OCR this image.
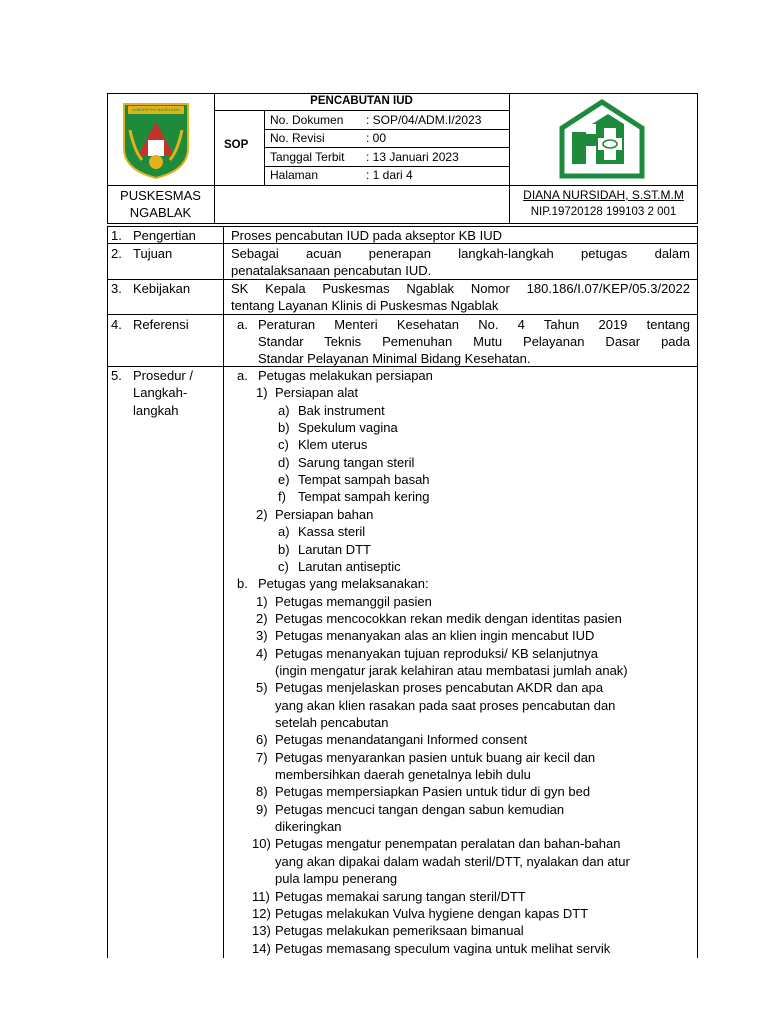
KABUPATEN MAGELANG
PENCABUTAN IUD
SOP
No. Dokumen : SOP/04/ADM.I/2023
No. Revisi	: 00
Tanggal Terbit : 13 Januari 2023
Halaman	: 1 dari 4
PUSKESMAS
NGABLAK
DIANA NURSIDAH, S.ST.M.M
NIP.19720128 199103 2 001
1. Pengertian	Proses pencabutan IUD pada akseptor KB IUD
2. Tujuan	Sebagai acuan penerapan langkah-langkah petugas dalam
penatalaksanaan pencabutan IUD.
3. Kebijakan	SK Kepala Puskesmas Ngablak Nomor 180.186/I.07/KEP/05.3/2022
tentang Layanan Klinis di Puskesmas Ngablak
4. Referensi	a. Peraturan Menteri Kesehatan No. 4 Tahun 2019 tentang
Standar Teknis Pemenuhan Mutu Pelayanan Dasar pada
Standar Pelayanan Minimal Bidang Kesehatan.
5. Prosedur /
Langkah-
langkah
a. Petugas melakukan persiapan
1) Persiapan alat
a) Bak instrument
b) Spekulum vagina
c) Klem uterus
d) Sarung tangan steril
e) Tempat sampah basah
f) Tempat sampah kering
2) Persiapan bahan
a) Kassa steril
b) Larutan DTT
c) Larutan antiseptic
b. Petugas yang melaksanakan:
1) Petugas memanggil pasien
2) Petugas mencocokkan rekan medik dengan identitas pasien
3) Petugas menanyakan alas an klien ingin mencabut IUD
4) Petugas menanyakan tujuan reproduksi/ KB selanjutnya
(ingin mengatur jarak kelahiran atau membatasi jumlah anak)
5) Petugas menjelaskan proses pencabutan AKDR dan apa
yang akan klien rasakan pada saat proses pencabutan dan
setelah pencabutan
6) Petugas menandatangani Informed consent
7) Petugas menyarankan pasien untuk buang air kecil dan
membersihkan daerah genetalnya lebih dulu
8) Petugas mempersiapkan Pasien untuk tidur di gyn bed
9) Petugas mencuci tangan dengan sabun kemudian
dikeringkan
10) Petugas mengatur penempatan peralatan dan bahan-bahan
yang akan dipakai dalam wadah steril/DTT, nyalakan dan atur
pula lampu penerang
11) Petugas memakai sarung tangan steril/DTT
12) Petugas melakukan Vulva hygiene dengan kapas DTT
13) Petugas melakukan pemeriksaan bimanual
14) Petugas memasang speculum vagina untuk melihat servik
